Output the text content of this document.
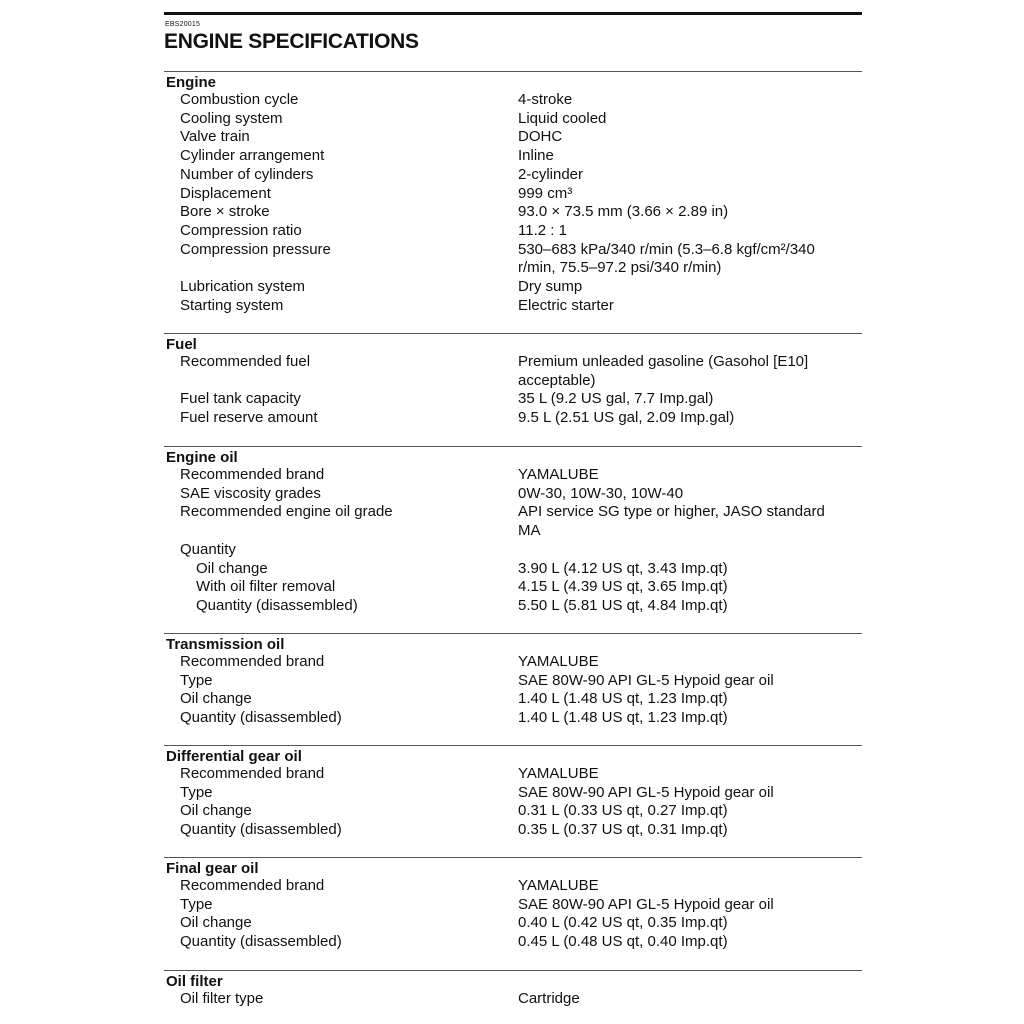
EBS20015
ENGINE SPECIFICATIONS
Engine
Combustion cycle	4-stroke
Cooling system	Liquid cooled
Valve train	DOHC
Cylinder arrangement	Inline
Number of cylinders	2-cylinder
Displacement	999 cm³
Bore × stroke	93.0 × 73.5 mm (3.66 × 2.89 in)
Compression ratio	11.2 : 1
Compression pressure	530–683 kPa/340 r/min (5.3–6.8 kgf/cm²/340 r/min, 75.5–97.2 psi/340 r/min)
Lubrication system	Dry sump
Starting system	Electric starter
Fuel
Recommended fuel	Premium unleaded gasoline (Gasohol [E10] acceptable)
Fuel tank capacity	35 L (9.2 US gal, 7.7 Imp.gal)
Fuel reserve amount	9.5 L (2.51 US gal, 2.09 Imp.gal)
Engine oil
Recommended brand	YAMALUBE
SAE viscosity grades	0W-30, 10W-30, 10W-40
Recommended engine oil grade	API service SG type or higher, JASO standard MA
Quantity
Oil change	3.90 L (4.12 US qt, 3.43 Imp.qt)
With oil filter removal	4.15 L (4.39 US qt, 3.65 Imp.qt)
Quantity (disassembled)	5.50 L (5.81 US qt, 4.84 Imp.qt)
Transmission oil
Recommended brand	YAMALUBE
Type	SAE 80W-90 API GL-5 Hypoid gear oil
Oil change	1.40 L (1.48 US qt, 1.23 Imp.qt)
Quantity (disassembled)	1.40 L (1.48 US qt, 1.23 Imp.qt)
Differential gear oil
Recommended brand	YAMALUBE
Type	SAE 80W-90 API GL-5 Hypoid gear oil
Oil change	0.31 L (0.33 US qt, 0.27 Imp.qt)
Quantity (disassembled)	0.35 L (0.37 US qt, 0.31 Imp.qt)
Final gear oil
Recommended brand	YAMALUBE
Type	SAE 80W-90 API GL-5 Hypoid gear oil
Oil change	0.40 L (0.42 US qt, 0.35 Imp.qt)
Quantity (disassembled)	0.45 L (0.48 US qt, 0.40 Imp.qt)
Oil filter
Oil filter type	Cartridge
